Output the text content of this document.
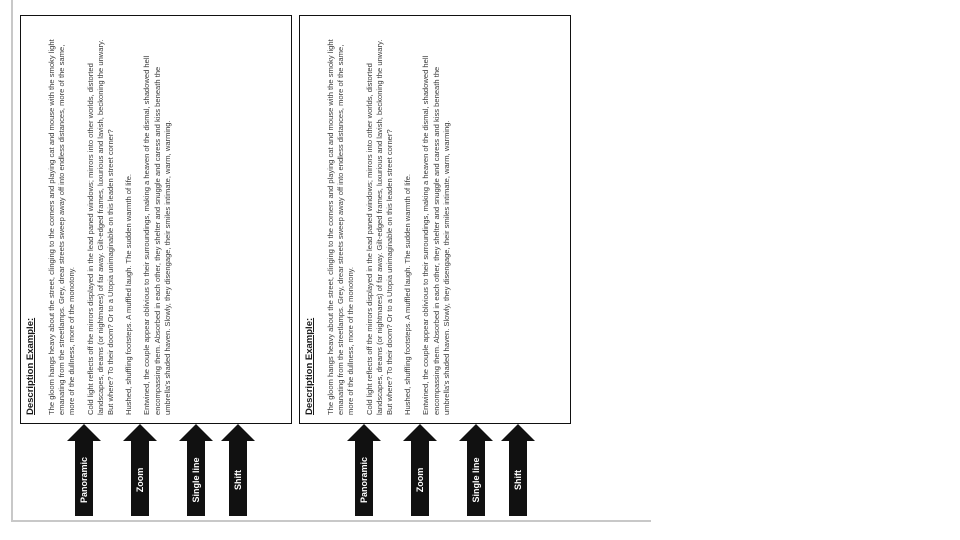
Description Example: The gloom hangs heavy about the street, clinging to the corners and playing cat and mouse with the smoky light emanating from the streetlamps. Grey, drear streets sweep away off into endless distances, more of the same, more of the dullness, more of the monotony. Cold light reflects off the mirrors displayed in the lead paned windows; mirrors into other worlds, distorted landscapes, dreams (or nightmares) of far away. Gilt-edged frames, luxurious and lavish, beckoning the unwary. But where? To their doom? Or to a Utopia unimaginable on this leaden street corner? Hushed, shuffling footsteps. A muffled laugh. The sudden warmth of life. Entwined, the couple appear oblivious to their surroundings, making a heaven of the dismal, shadowed hell encompassing them. Absorbed in each other, they shelter and snuggle and caress and kiss beneath the umbrella's shaded haven. Slowly, they disengage, their smiles intimate, warm, warming.

Panoramic	Zoom	Single line	Shift
Description Example: The gloom hangs heavy about the street, clinging to the corners and playing cat and mouse with the smoky light emanating from the streetlamps. Grey, drear streets sweep away off into endless distances, more of the same, more of the dullness, more of the monotony. Cold light reflects off the mirrors displayed in the lead paned windows; mirrors into other worlds, distorted landscapes, dreams (or nightmares) of far away. Gilt-edged frames, luxurious and lavish, beckoning the unwary. But where? To their doom? Or to a Utopia unimaginable on this leaden street corner? Hushed, shuffling footsteps. A muffled laugh. The sudden warmth of life. Entwined, the couple appear oblivious to their surroundings, making a heaven of the dismal, shadowed hell encompassing them. Absorbed in each other, they shelter and snuggle and caress and kiss beneath the umbrella's shaded haven. Slowly, they disengage, their smiles intimate, warm, warming.

Panoramic	Zoom	Single line	Shift
